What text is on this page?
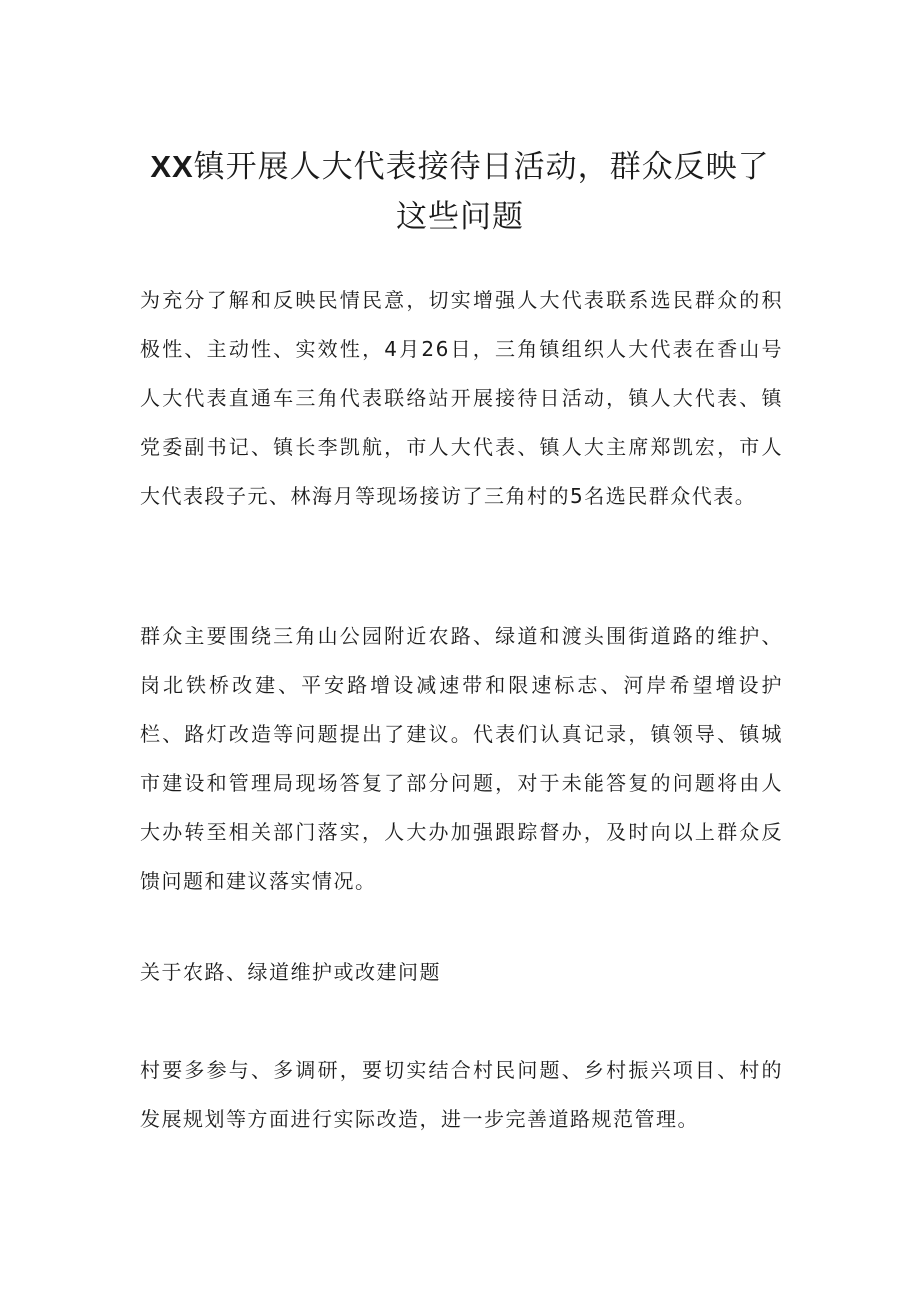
XX镇开展人大代表接待日活动，群众反映了这些问题

为充分了解和反映民情民意，切实增强人大代表联系选民群众的积极性、主动性、实效性，4月26日，三角镇组织人大代表在香山号人大代表直通车三角代表联络站开展接待日活动，镇人大代表、镇党委副书记、镇长李凯航，市人大代表、镇人大主席郑凯宏，市人大代表段子元、林海月等现场接访了三角村的5名选民群众代表。

群众主要围绕三角山公园附近农路、绿道和渡头围街道路的维护、岗北铁桥改建、平安路增设减速带和限速标志、河岸希望增设护栏、路灯改造等问题提出了建议。代表们认真记录，镇领导、镇城市建设和管理局现场答复了部分问题，对于未能答复的问题将由人大办转至相关部门落实，人大办加强跟踪督办，及时向以上群众反馈问题和建议落实情况。

关于农路、绿道维护或改建问题

村要多参与、多调研，要切实结合村民问题、乡村振兴项目、村的发展规划等方面进行实际改造，进一步完善道路规范管理。
